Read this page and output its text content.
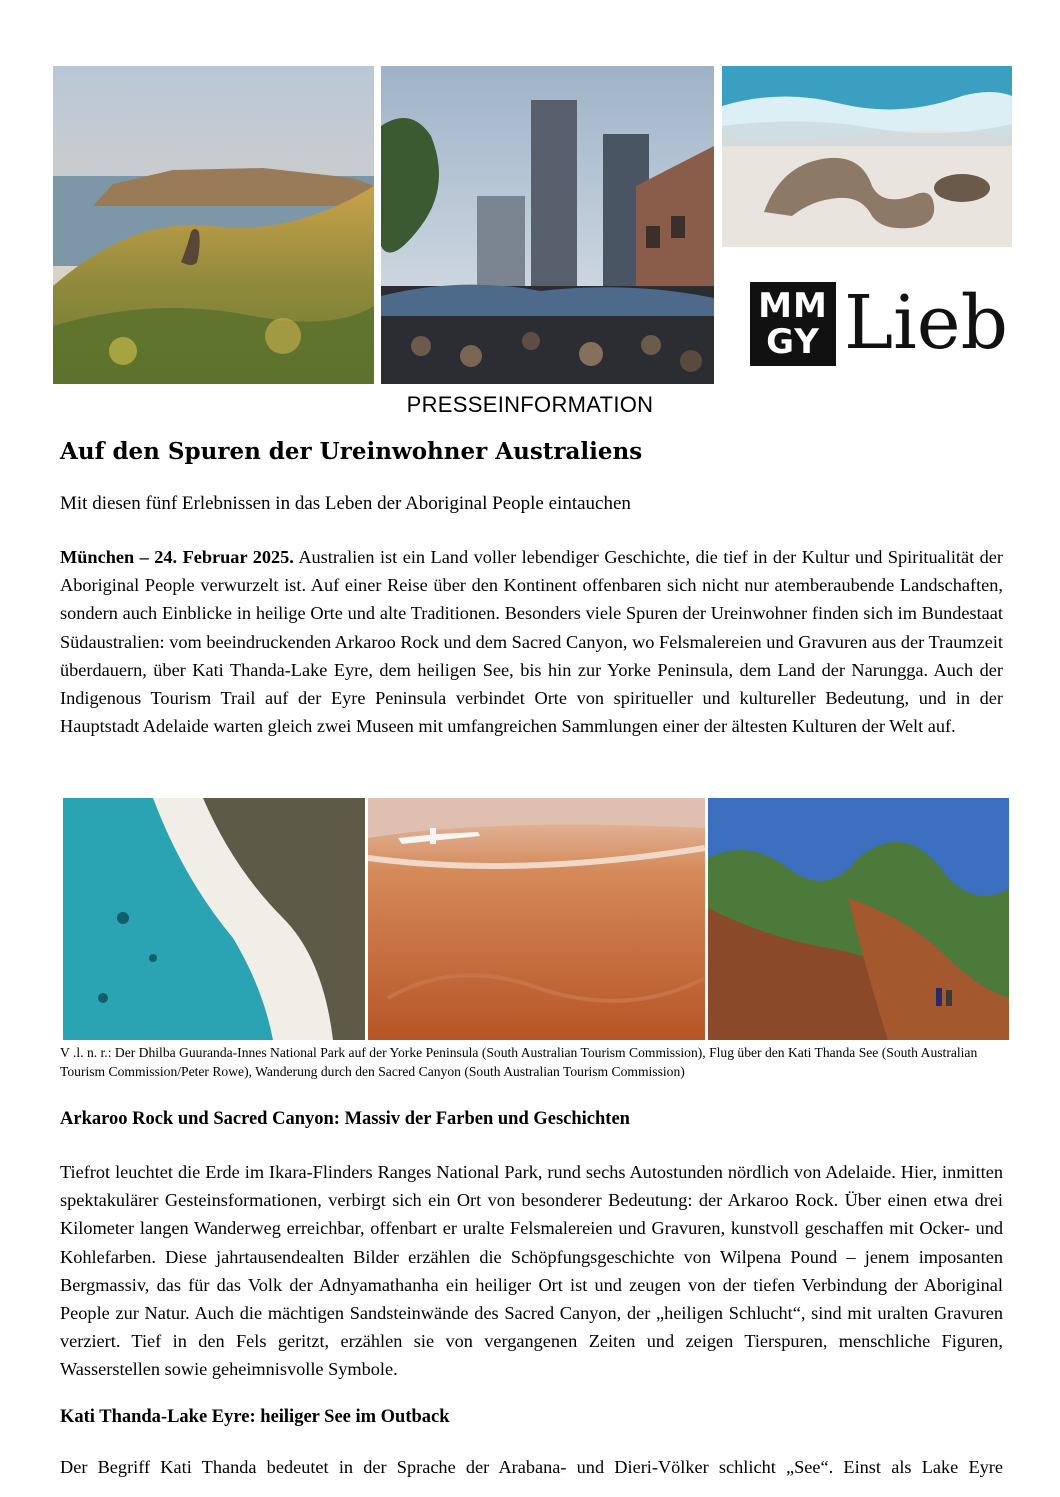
MM
GY Lieb
PRESSEINFORMATION
Auf den Spuren der Ureinwohner Australiens
Mit diesen fünf Erlebnissen in das Leben der Aboriginal People eintauchen
München – 24. Februar 2025. Australien ist ein Land voller lebendiger Geschichte, die tief in der Kultur und Spiritualität der Aboriginal People verwurzelt ist. Auf einer Reise über den Kontinent offenbaren sich nicht nur atemberaubende Landschaften, sondern auch Einblicke in heilige Orte und alte Traditionen. Besonders viele Spuren der Ureinwohner finden sich im Bundestaat Südaustralien: vom beeindruckenden Arkaroo Rock und dem Sacred Canyon, wo Felsmalereien und Gravuren aus der Traumzeit überdauern, über Kati Thanda-Lake Eyre, dem heiligen See, bis hin zur Yorke Peninsula, dem Land der Narungga. Auch der Indigenous Tourism Trail auf der Eyre Peninsula verbindet Orte von spiritueller und kultureller Bedeutung, und in der Hauptstadt Adelaide warten gleich zwei Museen mit umfangreichen Sammlungen einer der ältesten Kulturen der Welt auf.
V .l. n. r.: Der Dhilba Guuranda-Innes National Park auf der Yorke Peninsula (South Australian Tourism Commission), Flug über den Kati Thanda See (South Australian Tourism Commission/Peter Rowe), Wanderung durch den Sacred Canyon (South Australian Tourism Commission)
Arkaroo Rock und Sacred Canyon: Massiv der Farben und Geschichten
Tiefrot leuchtet die Erde im Ikara-Flinders Ranges National Park, rund sechs Autostunden nördlich von Adelaide. Hier, inmitten spektakulärer Gesteinsformationen, verbirgt sich ein Ort von besonderer Bedeutung: der Arkaroo Rock. Über einen etwa drei Kilometer langen Wanderweg erreichbar, offenbart er uralte Felsmalereien und Gravuren, kunstvoll geschaffen mit Ocker- und Kohlefarben. Diese jahrtausendealten Bilder erzählen die Schöpfungsgeschichte von Wilpena Pound – jenem imposanten Bergmassiv, das für das Volk der Adnyamathanha ein heiliger Ort ist und zeugen von der tiefen Verbindung der Aboriginal People zur Natur. Auch die mächtigen Sandsteinwände des Sacred Canyon, der „heiligen Schlucht“, sind mit uralten Gravuren verziert. Tief in den Fels geritzt, erzählen sie von vergangenen Zeiten und zeigen Tierspuren, menschliche Figuren, Wasserstellen sowie geheimnisvolle Symbole.
Kati Thanda-Lake Eyre: heiliger See im Outback
Der Begriff Kati Thanda bedeutet in der Sprache der Arabana- und Dieri-Völker schlicht „See“. Einst als Lake Eyre
